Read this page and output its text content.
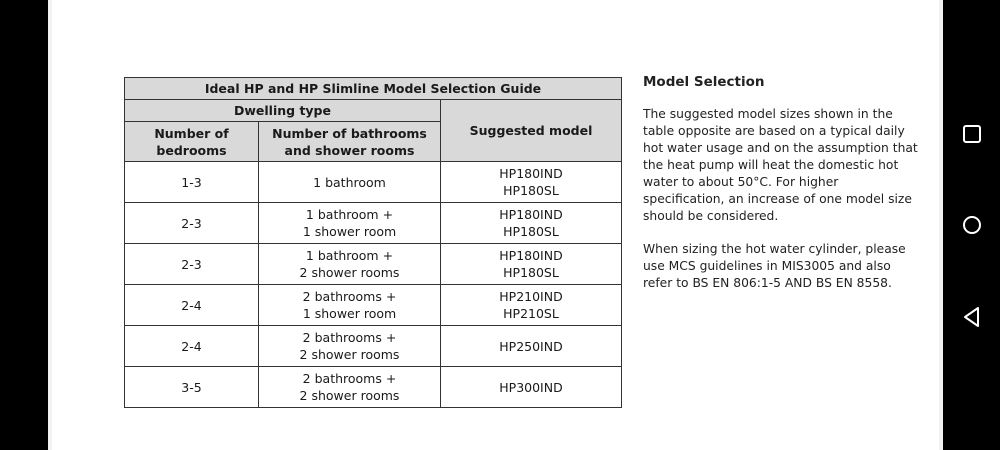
Ideal HP and HP Slimline Model Selection Guide		
Dwelling type		Suggested model

Number of
bedrooms	Number of bathrooms
and shower rooms	

1-3	1 bathroom	HP180IND
HP180SL

2-3	1 bathroom +
1 shower room	HP180IND
HP180SL

2-3	1 bathroom +
2 shower rooms	HP180IND
HP180SL

2-4	2 bathrooms +
1 shower room	HP210IND
HP210SL

2-4	2 bathrooms +
2 shower rooms	HP250IND

3-5	2 bathrooms +
2 shower rooms	HP300IND
Model Selection

The suggested model sizes shown in the table opposite are based on a typical daily hot water usage and on the assumption that the heat pump will heat the domestic hot water to about 50°C. For higher specification, an increase of one model size should be considered.

When sizing the hot water cylinder, please use MCS guidelines in MIS3005 and also refer to BS EN 806:1-5 AND BS EN 8558.
